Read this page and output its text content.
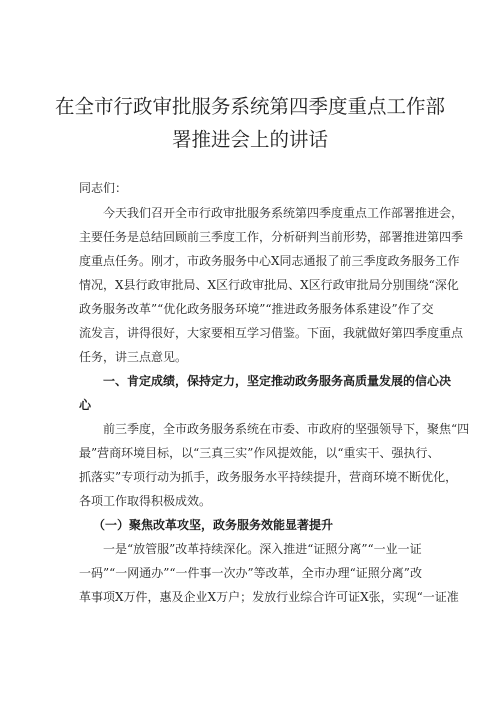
在全市行政审批服务系统第四季度重点工作部
署推进会上的讲话
同志们：
今天我们召开全市行政审批服务系统第四季度重点工作部署推进会，
主要任务是总结回顾前三季度工作，分析研判当前形势，部署推进第四季
度重点任务。刚才，市政务服务中心X同志通报了前三季度政务服务工作
情况，X县行政审批局、X区行政审批局、X区行政审批局分别围绕“深化
政务服务改革”“优化政务服务环境”“推进政务服务体系建设”作了交
流发言，讲得很好，大家要相互学习借鉴。下面，我就做好第四季度重点
任务，讲三点意见。
一、肯定成绩，保持定力，坚定推动政务服务高质量发展的信心决
心
前三季度，全市政务服务系统在市委、市政府的坚强领导下，聚焦“四
最”营商环境目标，以“三真三实”作风提效能，以“重实干、强执行、
抓落实”专项行动为抓手，政务服务水平持续提升，营商环境不断优化，
各项工作取得积极成效。
（一）聚焦改革攻坚，政务服务效能显著提升
一是“放管服”改革持续深化。深入推进“证照分离”“一业一证
一码”“一网通办”“一件事一次办”等改革，全市办理“证照分离”改
革事项X万件，惠及企业X万户；发放行业综合许可证X张，实现“一证准
